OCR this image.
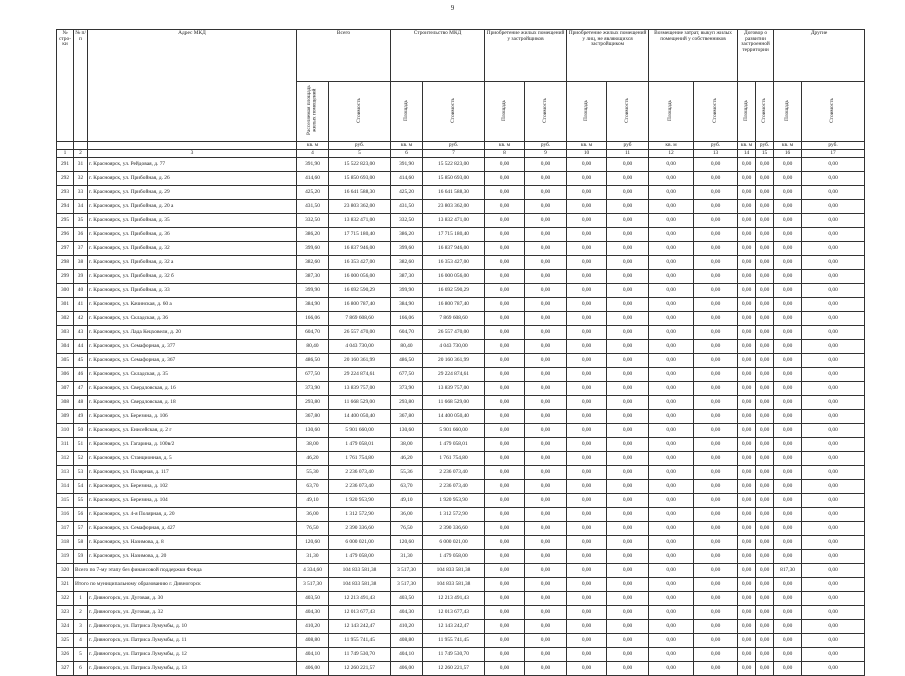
9
№ стро-ки	№ п/п	Адрес МКД	Всего		Строительство МКД		Приобретение жилых помещений у застройщиков		Приобретение жилых помещений у лиц, не являющихся застройщиком		Возмещение затрат, выкуп жилых помещений у собственников		Договор о развитии застроенной территории		Другие	
			Расселяемая площадь жилых помещений	Стоимость	Площадь	Стоимость	Площадь	Стоимость	Площадь	Стоимость	Площадь	Стоимость	Площадь	Стоимость	Площадь	Стоимость
			кв. м	руб.	кв. м	руб.	кв. м	руб.	кв. м	руб	кв. м	руб.	кв. м	руб.	кв. м	руб.
1	2	3	4	5	6	7	8	9	10	11	12	13	14	15	16	17
291	31	г. Красноярск, ул. Рейдовая, д. 77	391,90	15 522 823,00	391,90	15 522 823,00	0,00	0,00	0,00	0,00	0,00	0,00	0,00	0,00	0,00	0,00
292	32	г. Красноярск, ул. Прибойная, д. 26	414,60	15 850 693,00	414,60	15 850 693,00	0,00	0,00	0,00	0,00	0,00	0,00	0,00	0,00	0,00	0,00
293	33	г. Красноярск, ул. Прибойная, д. 29	425,20	16 641 588,30	425,20	16 641 588,30	0,00	0,00	0,00	0,00	0,00	0,00	0,00	0,00	0,00	0,00
294	34	г. Красноярск, ул. Прибойная, д. 20 а	431,50	23 803 362,00	431,50	23 803 362,00	0,00	0,00	0,00	0,00	0,00	0,00	0,00	0,00	0,00	0,00
295	35	г. Красноярск, ул. Прибойная, д. 35	332,50	13 832 471,00	332,50	13 832 471,00	0,00	0,00	0,00	0,00	0,00	0,00	0,00	0,00	0,00	0,00
296	36	г. Красноярск, ул. Прибойная, д. 36	386,20	17 715 180,40	386,20	17 715 180,40	0,00	0,00	0,00	0,00	0,00	0,00	0,00	0,00	0,00	0,00
297	37	г. Красноярск, ул. Прибойная, д. 32	399,60	16 837 946,00	399,60	16 837 946,00	0,00	0,00	0,00	0,00	0,00	0,00	0,00	0,00	0,00	0,00
298	38	г. Красноярск, ул. Прибойная, д. 32 а	382,60	16 353 427,00	382,60	16 353 427,00	0,00	0,00	0,00	0,00	0,00	0,00	0,00	0,00	0,00	0,00
299	39	г. Красноярск, ул. Прибойная, д. 32 б	387,30	16 000 056,00	387,30	16 000 056,00	0,00	0,00	0,00	0,00	0,00	0,00	0,00	0,00	0,00	0,00
300	40	г. Красноярск, ул. Прибойная, д. 33	399,90	16 692 590,29	399,90	16 692 590,29	0,00	0,00	0,00	0,00	0,00	0,00	0,00	0,00	0,00	0,00
301	41	г. Красноярск, ул. Качинская, д. 60 а	384,90	16 800 787,40	384,90	16 800 787,40	0,00	0,00	0,00	0,00	0,00	0,00	0,00	0,00	0,00	0,00
302	42	г. Красноярск, ул. Складская, д. 36	166,06	7 869 608,60	166,06	7 869 608,60	0,00	0,00	0,00	0,00	0,00	0,00	0,00	0,00	0,00	0,00
303	43	г. Красноярск, ул. Лада Кецховели, д. 20	604,70	26 557 470,00	604,70	26 557 470,00	0,00	0,00	0,00	0,00	0,00	0,00	0,00	0,00	0,00	0,00
304	44	г. Красноярск, ул. Семафорная, д. 377	80,40	4 043 730,00	80,40	4 043 730,00	0,00	0,00	0,00	0,00	0,00	0,00	0,00	0,00	0,00	0,00
305	45	г. Красноярск, ул. Семафорная, д. 367	486,50	20 160 361,99	486,50	20 160 361,99	0,00	0,00	0,00	0,00	0,00	0,00	0,00	0,00	0,00	0,00
306	46	г. Красноярск, ул. Складская, д. 35	677,50	29 224 874,61	677,50	29 224 874,61	0,00	0,00	0,00	0,00	0,00	0,00	0,00	0,00	0,00	0,00
307	47	г. Красноярск, ул. Свердловская, д. 16	373,90	13 839 757,00	373,90	13 839 757,00	0,00	0,00	0,00	0,00	0,00	0,00	0,00	0,00	0,00	0,00
308	48	г. Красноярск, ул. Свердловская, д. 18	293,80	11 668 529,00	293,80	11 668 529,00	0,00	0,00	0,00	0,00	0,00	0,00	0,00	0,00	0,00	0,00
309	49	г. Красноярск, ул. Березина, д. 106	367,80	14 400 050,40	367,80	14 400 050,40	0,00	0,00	0,00	0,00	0,00	0,00	0,00	0,00	0,00	0,00
310	50	г. Красноярск, ул. Енисейская, д. 2 г	130,60	5 901 660,00	130,60	5 901 660,00	0,00	0,00	0,00	0,00	0,00	0,00	0,00	0,00	0,00	0,00
311	51	г. Красноярск, ул. Гагарина, д. 100в/2	38,00	1 479 058,01	38,00	1 479 058,01	0,00	0,00	0,00	0,00	0,00	0,00	0,00	0,00	0,00	0,00
312	52	г. Красноярск, ул. Станционная, д. 5	46,20	1 761 754,80	46,20	1 761 754,80	0,00	0,00	0,00	0,00	0,00	0,00	0,00	0,00	0,00	0,00
313	53	г. Красноярск, ул. Полярная, д. 117	55,30	2 236 073,40	55,36	2 236 073,40	0,00	0,00	0,00	0,00	0,00	0,00	0,00	0,00	0,00	0,00
314	54	г. Красноярск, ул. Березина, д. 102	63,70	2 236 073,40	63,70	2 236 073,40	0,00	0,00	0,00	0,00	0,00	0,00	0,00	0,00	0,00	0,00
315	55	г. Красноярск, ул. Березина, д. 104	49,10	1 920 953,90	49,10	1 920 953,90	0,00	0,00	0,00	0,00	0,00	0,00	0,00	0,00	0,00	0,00
316	56	г. Красноярск, ул. 4-я Полярная, д. 20	36,00	1 312 572,90	36,00	1 312 572,90	0,00	0,00	0,00	0,00	0,00	0,00	0,00	0,00	0,00	0,00
317	57	г. Красноярск, ул. Семафорная, д. 427	76,50	2 390 336,60	76,50	2 390 336,60	0,00	0,00	0,00	0,00	0,00	0,00	0,00	0,00	0,00	0,00
318	58	г. Красноярск, ул. Назимова, д. 8	120,60	6 000 021,00	120,60	6 000 021,00	0,00	0,00	0,00	0,00	0,00	0,00	0,00	0,00	0,00	0,00
319	59	г. Красноярск, ул. Назимова, д. 20	31,30	1 479 058,00	31,30	1 479 058,00	0,00	0,00	0,00	0,00	0,00	0,00	0,00	0,00	0,00	0,00
320	Всего по 7-му этапу без финансовой поддержки Фонда		4 334,60	104 833 581,38	3 517,30	104 833 581,38	0,00	0,00	0,00	0,00	0,00	0,00	0,00	0,00	817,30	0,00
321	Итого по муниципальному образованию г. Дивногорск		3 517,30	104 833 581,38	3 517,30	104 833 581,38	0,00	0,00	0,00	0,00	0,00	0,00	0,00	0,00	0,00	0,00
322	1	г. Дивногорск, ул. Дуговая, д. 30	403,50	12 213 491,43	403,50	12 213 491,43	0,00	0,00	0,00	0,00	0,00	0,00	0,00	0,00	0,00	0,00
323	2	г. Дивногорск, ул. Дуговая, д. 32	404,30	12 013 677,43	404,30	12 013 677,43	0,00	0,00	0,00	0,00	0,00	0,00	0,00	0,00	0,00	0,00
324	3	г. Дивногорск, ул. Патриса Лумумбы, д. 10	410,20	12 143 242,47	410,20	12 143 242,47	0,00	0,00	0,00	0,00	0,00	0,00	0,00	0,00	0,00	0,00
325	4	г. Дивногорск, ул. Патриса Лумумбы, д. 11	408,80	11 955 741,45	408,80	11 955 741,45	0,00	0,00	0,00	0,00	0,00	0,00	0,00	0,00	0,00	0,00
326	5	г. Дивногорск, ул. Патриса Лумумбы, д. 12	404,10	11 749 530,70	404,10	11 749 530,70	0,00	0,00	0,00	0,00	0,00	0,00	0,00	0,00	0,00	0,00
327	6	г. Дивногорск, ул. Патриса Лумумбы, д. 13	406,00	12 260 221,57	406,00	12 260 221,57	0,00	0,00	0,00	0,00	0,00	0,00	0,00	0,00	0,00	0,00
